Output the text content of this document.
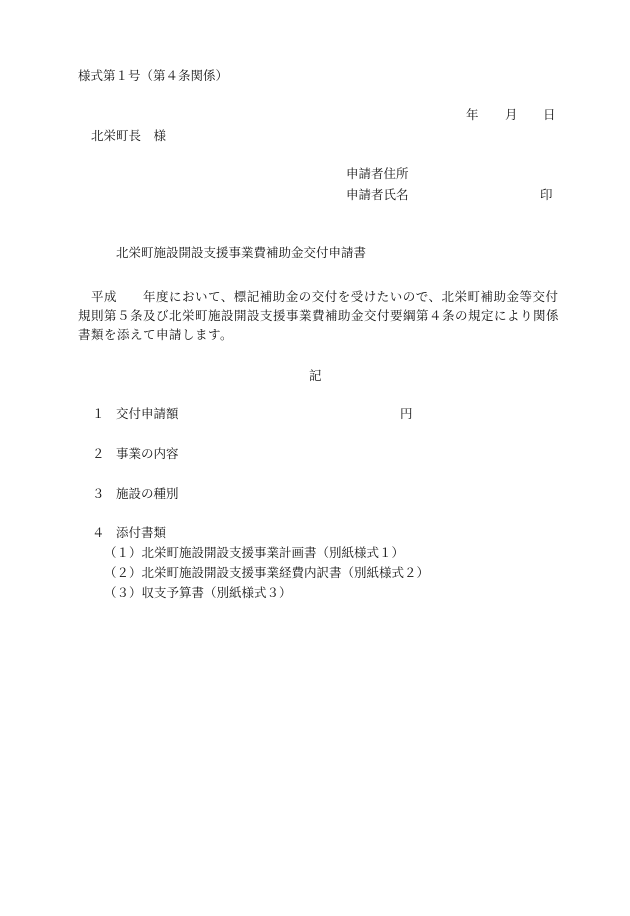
様式第１号（第４条関係）
年 月 日
北栄町長　様
申請者住所
申請者氏名	印
北栄町施設開設支援事業費補助金交付申請書
平成　　年度において、標記補助金の交付を受けたいので、北栄町補助金等交付
規則第５条及び北栄町施設開設支援事業費補助金交付要綱第４条の規定により関係
書類を添えて申請します。
記
１ 交付申請額	円
２ 事業の内容
３ 施設の種別
４ 添付書類
（１）北栄町施設開設支援事業計画書（別紙様式１）
（２）北栄町施設開設支援事業経費内訳書（別紙様式２）
（３）収支予算書（別紙様式３）
